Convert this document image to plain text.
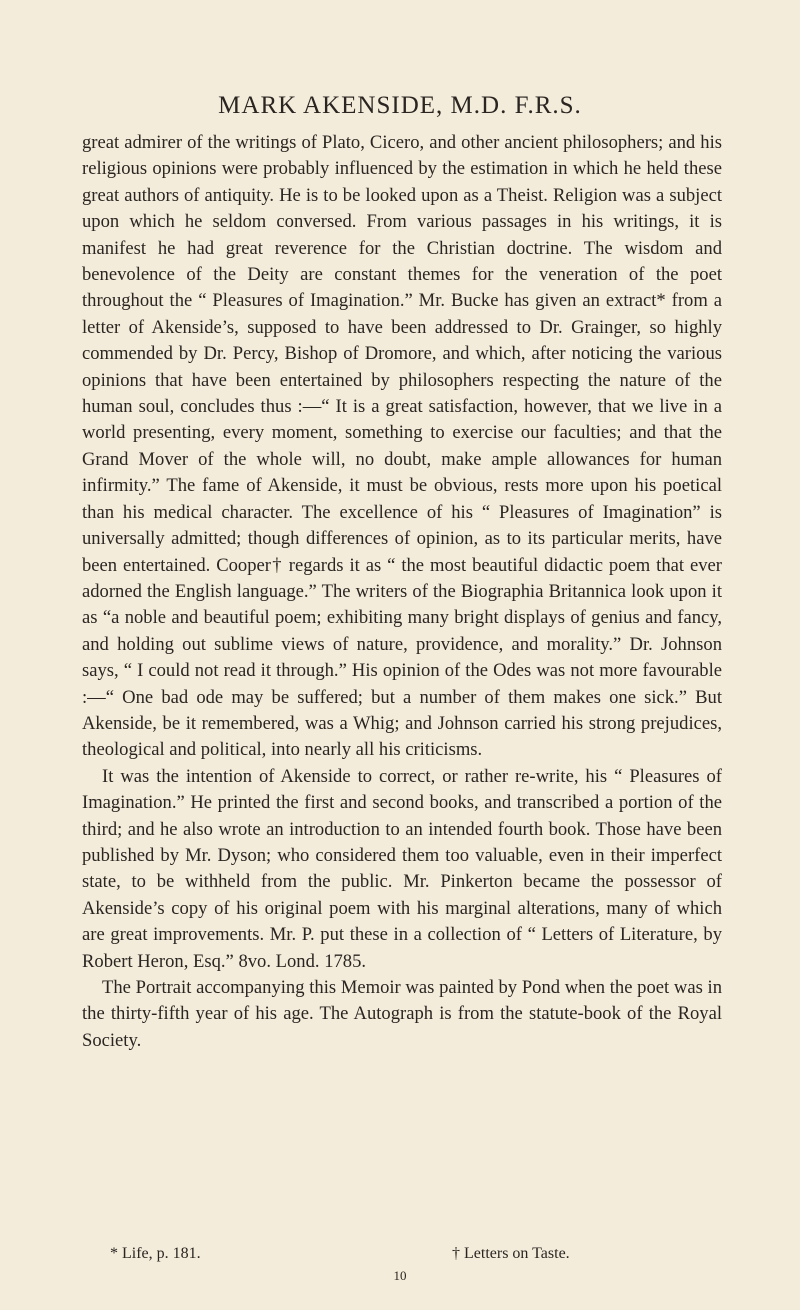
MARK AKENSIDE, M.D. F.R.S.

great admirer of the writings of Plato, Cicero, and other ancient philosophers; and his religious opinions were probably influenced by the estimation in which he held these great authors of antiquity. He is to be looked upon as a Theist. Religion was a subject upon which he seldom conversed. From various passages in his writings, it is manifest he had great reverence for the Christian doctrine. The wisdom and benevolence of the Deity are constant themes for the veneration of the poet throughout the “ Pleasures of Imagination.” Mr. Bucke has given an extract* from a letter of Akenside’s, supposed to have been addressed to Dr. Grainger, so highly commended by Dr. Percy, Bishop of Dromore, and which, after noticing the various opinions that have been entertained by philosophers respecting the nature of the human soul, concludes thus :—“ It is a great satisfaction, however, that we live in a world presenting, every moment, something to exercise our faculties; and that the Grand Mover of the whole will, no doubt, make ample allowances for human infirmity.” The fame of Akenside, it must be obvious, rests more upon his poetical than his medical character. The excellence of his “ Pleasures of Imagination” is universally admitted; though differences of opinion, as to its particular merits, have been entertained. Cooper† regards it as “ the most beautiful didactic poem that ever adorned the English language.” The writers of the Biographia Britannica look upon it as “a noble and beautiful poem; exhibiting many bright displays of genius and fancy, and holding out sublime views of nature, providence, and morality.” Dr. Johnson says, “ I could not read it through.” His opinion of the Odes was not more favourable :—“ One bad ode may be suffered; but a number of them makes one sick.” But Akenside, be it remembered, was a Whig; and Johnson carried his strong prejudices, theological and political, into nearly all his criticisms.

It was the intention of Akenside to correct, or rather re-write, his “ Pleasures of Imagination.” He printed the first and second books, and transcribed a portion of the third; and he also wrote an introduction to an intended fourth book. Those have been published by Mr. Dyson; who considered them too valuable, even in their imperfect state, to be withheld from the public. Mr. Pinkerton became the possessor of Akenside’s copy of his original poem with his marginal alterations, many of which are great improvements. Mr. P. put these in a collection of “ Letters of Literature, by Robert Heron, Esq.” 8vo. Lond. 1785.

The Portrait accompanying this Memoir was painted by Pond when the poet was in the thirty-fifth year of his age. The Autograph is from the statute-book of the Royal Society.

* Life, p. 181.	† Letters on Taste.
10
